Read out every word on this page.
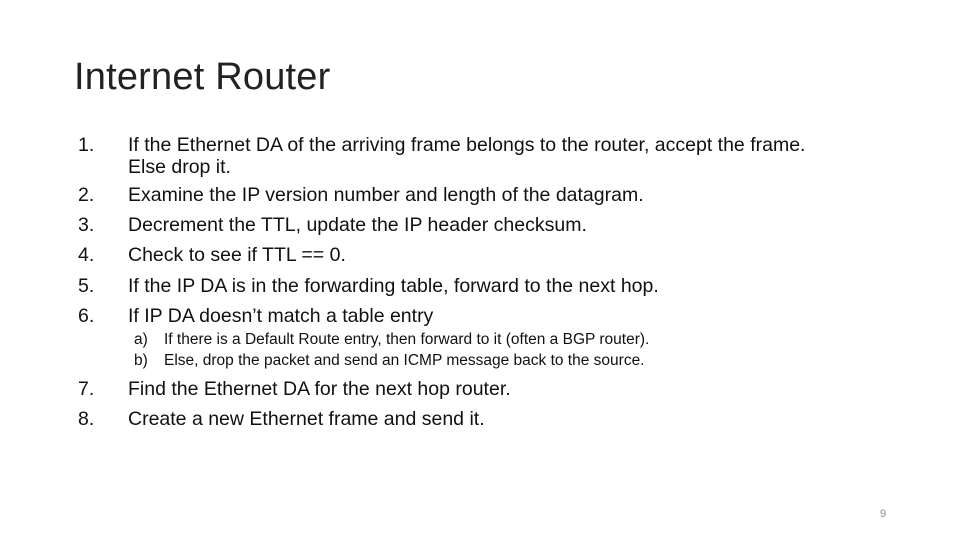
Internet Router
1.	If the Ethernet DA of the arriving frame belongs to the router, accept the frame. Else drop it.
2.	Examine the IP version number and length of the datagram.
3.	Decrement the TTL, update the IP header checksum.
4.	Check to see if TTL == 0.
5.	If the IP DA is in the forwarding table, forward to the next hop.
6.	If IP DA doesn’t match a table entry
a) If there is a Default Route entry, then forward to it (often a BGP router).
b) Else, drop the packet and send an ICMP message back to the source.
7.	Find the Ethernet DA for the next hop router.
8.	Create a new Ethernet frame and send it.
9
